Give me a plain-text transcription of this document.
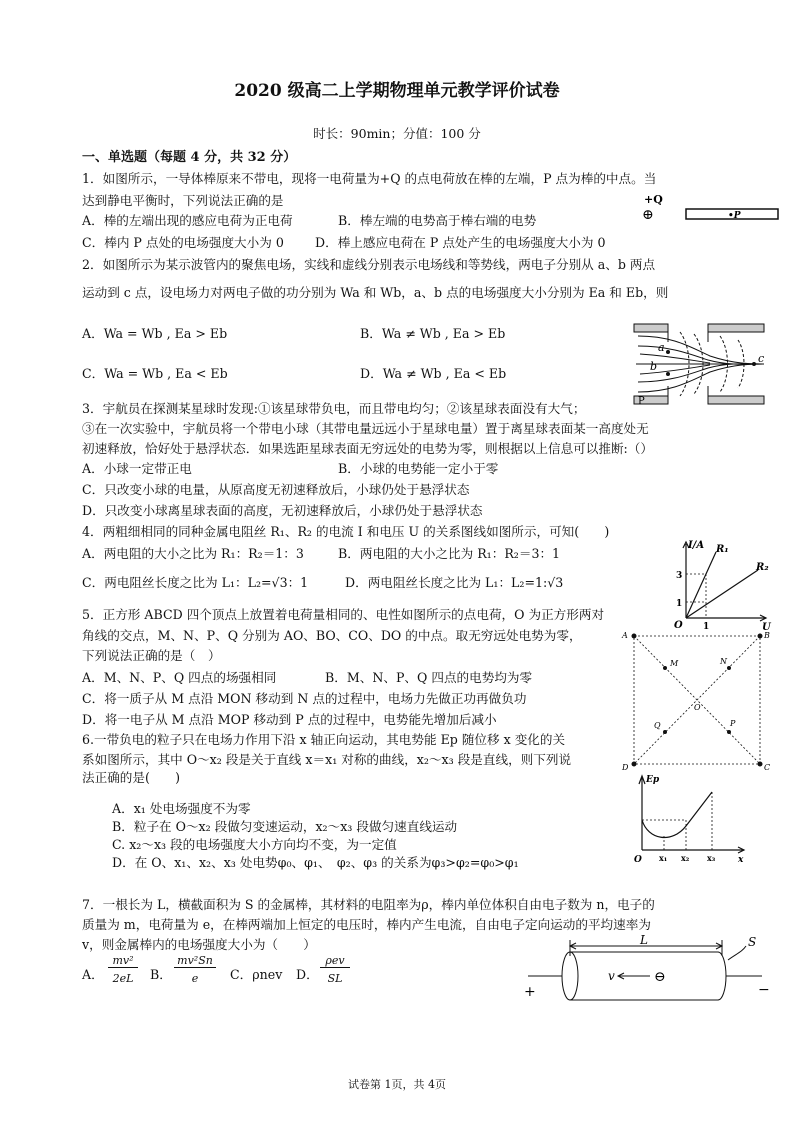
2020 级高二上学期物理单元教学评价试卷
时长：90min；分值：100 分
一、单选题（每题 4 分，共 32 分）
1．如图所示，一导体棒原来不带电，现将一电荷量为+Q 的点电荷放在棒的左端，P 点为棒的中点。当
达到静电平衡时，下列说法正确的是
A．棒的左端出现的感应电荷为正电荷	B．棒左端的电势高于棒右端的电势
C．棒内 P 点处的电场强度大小为 0 D．棒上感应电荷在 P 点处产生的电场强度大小为 0
+Q
⊕	•P
2．如图所示为某示波管内的聚焦电场，实线和虚线分别表示电场线和等势线，两电子分别从 a、b 两点
运动到 c 点，设电场力对两电子做的功分别为 Wa 和 Wb，a、b 点的电场强度大小分别为 Ea 和 Eb，则
A．Wa = Wb , Ea > Eb	B．Wa ≠ Wb , Ea > Eb
C．Wa = Wb , Ea < Eb	D．Wa ≠ Wb , Ea < Eb
a
b
c
P
3．宇航员在探测某星球时发现:①该星球带负电，而且带电均匀；②该星球表面没有大气；
③在一次实验中，宇航员将一个带电小球（其带电量远远小于星球电量）置于离星球表面某一高度处无
初速释放，恰好处于悬浮状态．如果选距星球表面无穷远处的电势为零，则根据以上信息可以推断:（）
A．小球一定带正电	B．小球的电势能一定小于零
C．只改变小球的电量，从原高度无初速释放后，小球仍处于悬浮状态
D．只改变小球离星球表面的高度，无初速释放后，小球仍处于悬浮状态
4．两粗细相同的同种金属电阻丝 R₁、R₂ 的电流 I 和电压 U 的关系图线如图所示，可知(　　)
A．两电阻的大小之比为 R₁：R₂＝1：3	B．两电阻的大小之比为 R₁：R₂＝3：1
C．两电阻丝长度之比为 L₁：L₂=√3：1	D．两电阻丝长度之比为 L₁：L₂=1:√3
I/A
U
O
3
1
1
R₁
R₂
5．正方形 ABCD 四个顶点上放置着电荷量相同的、电性如图所示的点电荷，O 为正方形两对
角线的交点，M、N、P、Q 分别为 AO、BO、CO、DO 的中点。取无穷远处电势为零，
下列说法正确的是（　）
A．M、N、P、Q 四点的场强相同	B．M、N、P、Q 四点的电势均为零
C．将一质子从 M 点沿 MON 移动到 N 点的过程中，电场力先做正功再做负功
D．将一电子从 M 点沿 MOP 移动到 P 点的过程中，电势能先增加后减小
A	B
C
D
M	N
P
Q
O
6.一带负电的粒子只在电场力作用下沿 x 轴正向运动，其电势能 Ep 随位移 x 变化的关
系如图所示，其中 O～x₂ 段是关于直线 x＝x₁ 对称的曲线，x₂～x₃ 段是直线，则下列说
法正确的是(　　)
A．x₁ 处电场强度不为零
B．粒子在 O～x₂ 段做匀变速运动，x₂～x₃ 段做匀速直线运动
C. x₂～x₃ 段的电场强度大小方向均不变，为一定值
D．在 O、x₁、x₂、x₃ 处电势φ₀、φ₁、　φ₂、φ₃ 的关系为φ₃>φ₂=φ₀>φ₁
Ep
x
O x₁ x₂ x₃
7．一根长为 L，横截面积为 S 的金属棒，其材料的电阻率为ρ，棒内单位体积自由电子数为 n，电子的
质量为 m，电荷量为 e，在棒两端加上恒定的电压时，棒内产生电流，自由电子定向运动的平均速率为
v，则金属棒内的电场强度大小为（　　）
A．
mv²
2eL	B．
mv²Sn
e	C．ρnev D．
ρev
SL
L	S
v	⊖
+	−
试卷第 1页，共 4页
